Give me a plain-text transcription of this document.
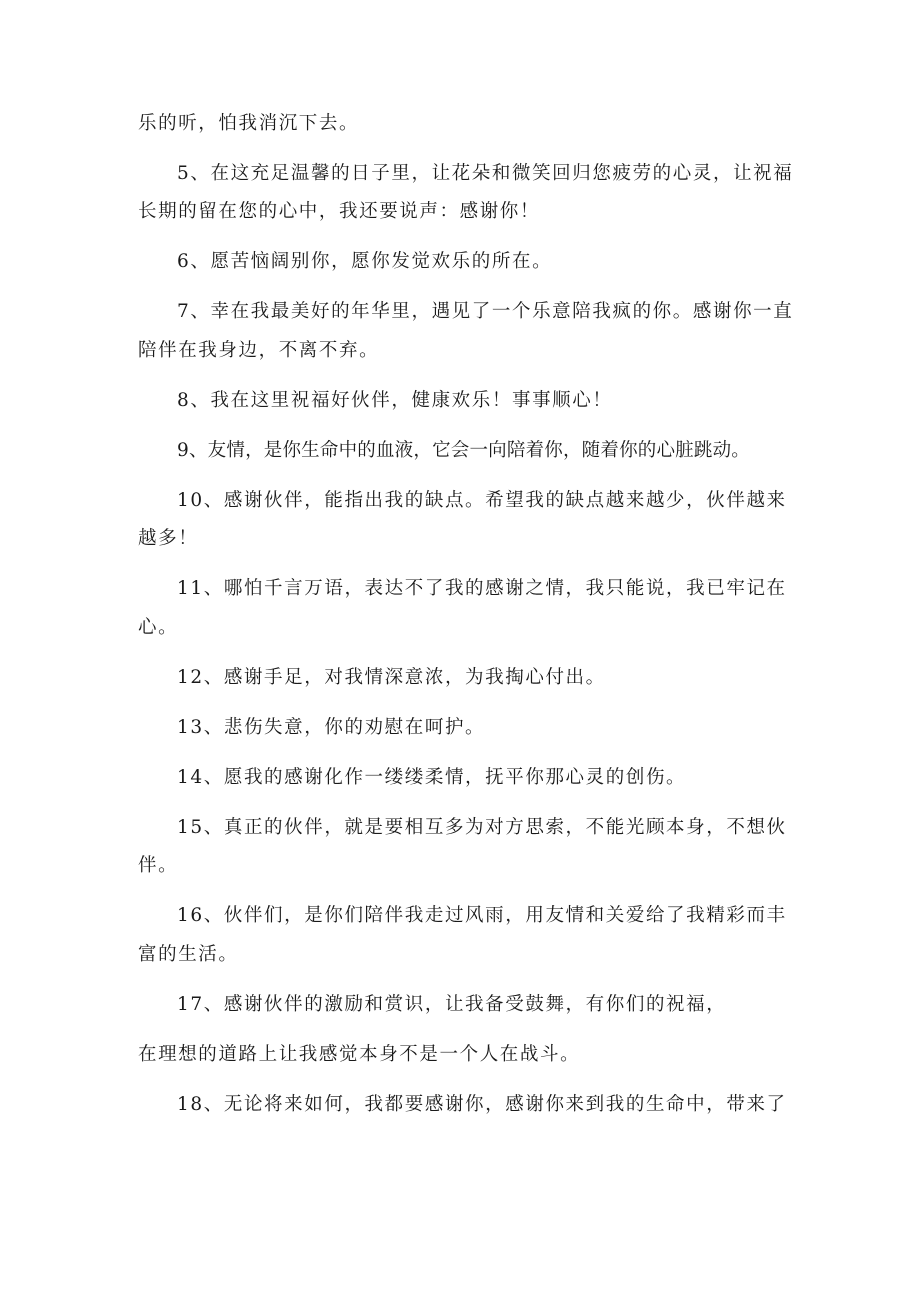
乐的听，怕我消沉下去。

5、在这充足温馨的日子里，让花朵和微笑回归您疲劳的心灵，让祝福

长期的留在您的心中，我还要说声：感谢你！

6、愿苦恼阔别你，愿你发觉欢乐的所在。

7、幸在我最美好的年华里，遇见了一个乐意陪我疯的你。感谢你一直

陪伴在我身边，不离不弃。

8、我在这里祝福好伙伴，健康欢乐！事事顺心！

9、友情，是你生命中的血液，它会一向陪着你，随着你的心脏跳动。

10、感谢伙伴，能指出我的缺点。希望我的缺点越来越少，伙伴越来

越多！

11、哪怕千言万语，表达不了我的感谢之情，我只能说，我已牢记在

心。

12、感谢手足，对我情深意浓，为我掏心付出。

13、悲伤失意，你的劝慰在呵护。

14、愿我的感谢化作一缕缕柔情，抚平你那心灵的创伤。

15、真正的伙伴，就是要相互多为对方思索，不能光顾本身，不想伙

伴。

16、伙伴们，是你们陪伴我走过风雨，用友情和关爱给了我精彩而丰

富的生活。

17、感谢伙伴的激励和赏识，让我备受鼓舞，有你们的祝福，

在理想的道路上让我感觉本身不是一个人在战斗。

18、无论将来如何，我都要感谢你，感谢你来到我的生命中，带来了
